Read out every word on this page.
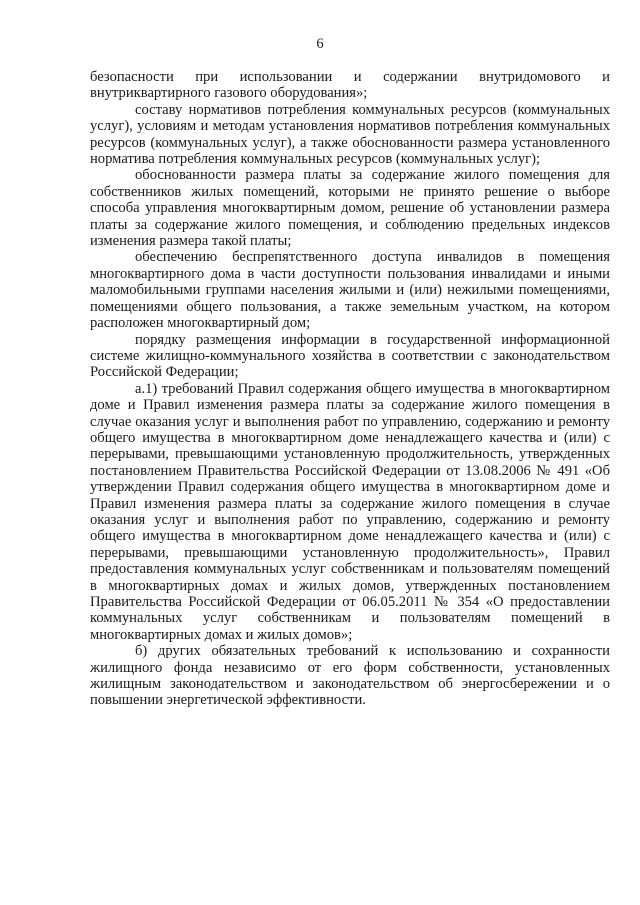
6

безопасности при использовании и содержании внутридомового и внутриквартирного газового оборудования»;

составу нормативов потребления коммунальных ресурсов (коммунальных услуг), условиям и методам установления нормативов потребления коммунальных ресурсов (коммунальных услуг), а также обоснованности размера установленного норматива потребления коммунальных ресурсов (коммунальных услуг);

обоснованности размера платы за содержание жилого помещения для собственников жилых помещений, которыми не принято решение о выборе способа управления многоквартирным домом, решение об установлении размера платы за содержание жилого помещения, и соблюдению предельных индексов изменения размера такой платы;

обеспечению беспрепятственного доступа инвалидов в помещения многоквартирного дома в части доступности пользования инвалидами и иными маломобильными группами населения жилыми и (или) нежилыми помещениями, помещениями общего пользования, а также земельным участком, на котором расположен многоквартирный дом;

порядку размещения информации в государственной информационной системе жилищно-коммунального хозяйства в соответствии с законодательством Российской Федерации;

а.1) требований Правил содержания общего имущества в многоквартирном доме и Правил изменения размера платы за содержание жилого помещения в случае оказания услуг и выполнения работ по управлению, содержанию и ремонту общего имущества в многоквартирном доме ненадлежащего качества и (или) с перерывами, превышающими установленную продолжительность, утвержденных постановлением Правительства Российской Федерации от 13.08.2006 № 491 «Об утверждении Правил содержания общего имущества в многоквартирном доме и Правил изменения размера платы за содержание жилого помещения в случае оказания услуг и выполнения работ по управлению, содержанию и ремонту общего имущества в многоквартирном доме ненадлежащего качества и (или) с перерывами, превышающими установленную продолжительность», Правил предоставления коммунальных услуг собственникам и пользователям помещений в многоквартирных домах и жилых домов, утвержденных постановлением Правительства Российской Федерации от 06.05.2011 № 354 «О предоставлении коммунальных услуг собственникам и пользователям помещений в многоквартирных домах и жилых домов»;

б) других обязательных требований к использованию и сохранности жилищного фонда независимо от его форм собственности, установленных жилищным законодательством и законодательством об энергосбережении и о повышении энергетической эффективности.
